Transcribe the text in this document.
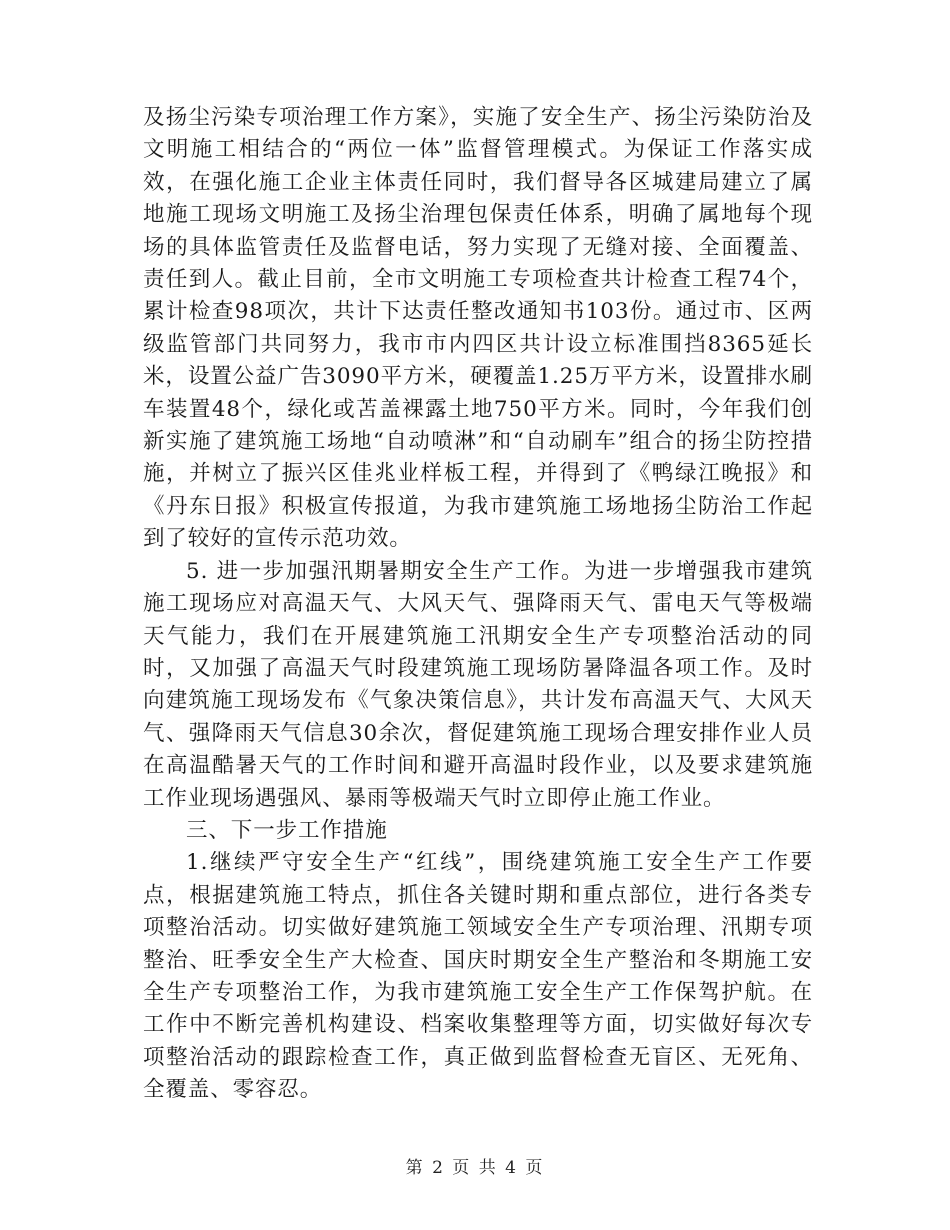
及扬尘污染专项治理工作方案》，实施了安全生产、扬尘污染防治及文明施工相结合的“两位一体”监督管理模式。为保证工作落实成效，在强化施工企业主体责任同时，我们督导各区城建局建立了属地施工现场文明施工及扬尘治理包保责任体系，明确了属地每个现场的具体监管责任及监督电话，努力实现了无缝对接、全面覆盖、责任到人。截止目前，全市文明施工专项检查共计检查工程74个，累计检查98项次，共计下达责任整改通知书103份。通过市、区两级监管部门共同努力，我市市内四区共计设立标准围挡8365延长米，设置公益广告3090平方米，硬覆盖1.25万平方米，设置排水刷车装置48个，绿化或苫盖裸露土地750平方米。同时，今年我们创新实施了建筑施工场地“自动喷淋”和“自动刷车”组合的扬尘防控措施，并树立了振兴区佳兆业样板工程，并得到了《鸭绿江晚报》和《丹东日报》积极宣传报道，为我市建筑施工场地扬尘防治工作起到了较好的宣传示范功效。

5. 进一步加强汛期暑期安全生产工作。为进一步增强我市建筑施工现场应对高温天气、大风天气、强降雨天气、雷电天气等极端天气能力，我们在开展建筑施工汛期安全生产专项整治活动的同时，又加强了高温天气时段建筑施工现场防暑降温各项工作。及时向建筑施工现场发布《气象决策信息》，共计发布高温天气、大风天气、强降雨天气信息30余次，督促建筑施工现场合理安排作业人员在高温酷暑天气的工作时间和避开高温时段作业，以及要求建筑施工作业现场遇强风、暴雨等极端天气时立即停止施工作业。

三、下一步工作措施

1.继续严守安全生产“红线”，围绕建筑施工安全生产工作要点，根据建筑施工特点，抓住各关键时期和重点部位，进行各类专项整治活动。切实做好建筑施工领域安全生产专项治理、汛期专项整治、旺季安全生产大检查、国庆时期安全生产整治和冬期施工安全生产专项整治工作，为我市建筑施工安全生产工作保驾护航。在工作中不断完善机构建设、档案收集整理等方面，切实做好每次专项整治活动的跟踪检查工作，真正做到监督检查无盲区、无死角、全覆盖、零容忍。

第 2 页 共 4 页
